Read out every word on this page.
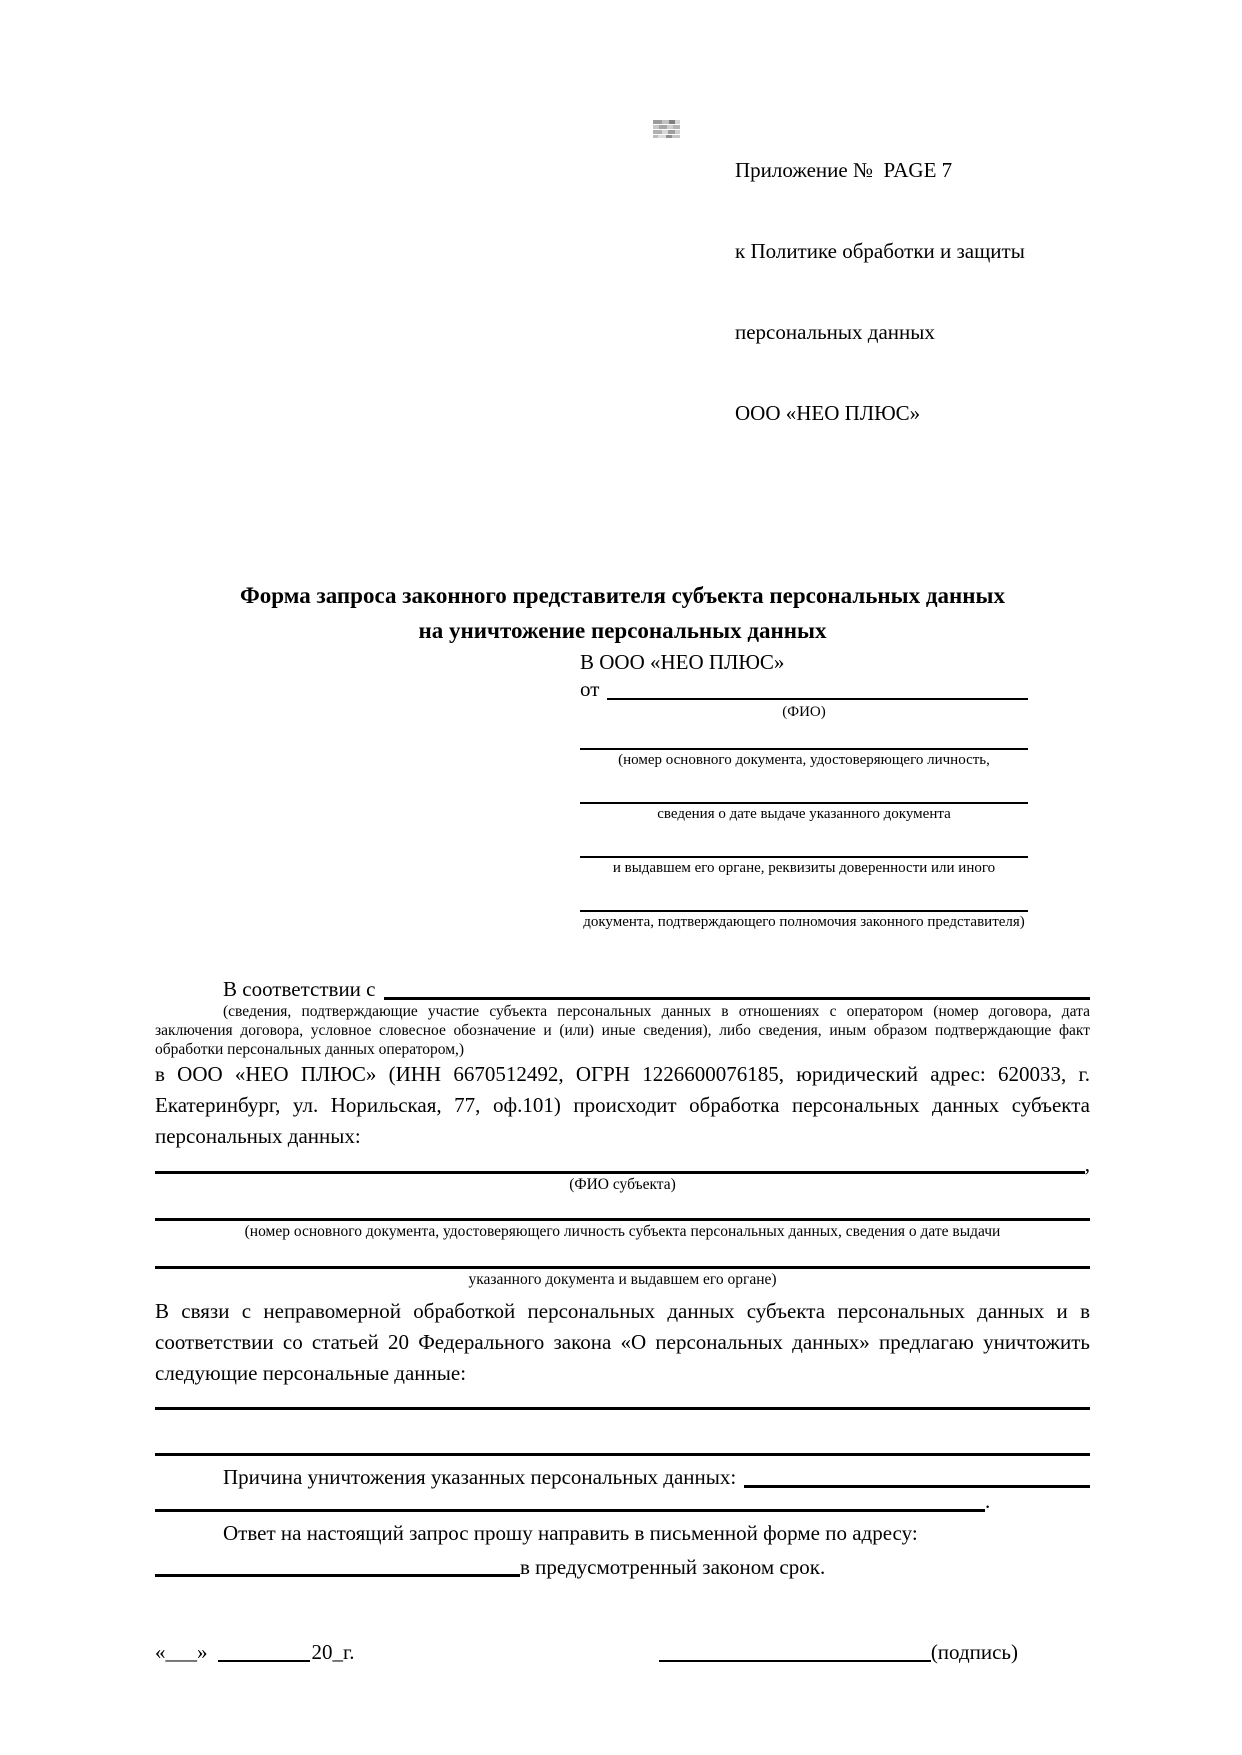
Приложение №  PAGE 7

к Политике обработки и защиты

персональных данных

ООО «НЕО ПЛЮС»

Форма запроса законного представителя субъекта персональных данных
на уничтожение персональных данных
В ООО «НЕО ПЛЮС»
от
(ФИО)
(номер основного документа, удостоверяющего личность,
сведения о дате выдаче указанного документа
и выдавшем его органе, реквизиты доверенности или иного
документа, подтверждающего полномочия законного представителя)
В соответствии с
(сведения, подтверждающие участие субъекта персональных данных в отношениях с оператором (номер договора, дата заключения договора, условное словесное обозначение и (или) иные сведения), либо сведения, иным образом подтверждающие факт обработки персональных данных оператором,)
в ООО «НЕО ПЛЮС» (ИНН 6670512492, ОГРН 1226600076185, юридический адрес: 620033, г. Екатеринбург, ул. Норильская, 77, оф.101) происходит обработка персональных данных субъекта персональных данных:
,
(ФИО субъекта)
(номер основного документа, удостоверяющего личность субъекта персональных данных, сведения о дате выдачи
указанного документа и выдавшем его органе)
В связи с неправомерной обработкой персональных данных субъекта персональных данных и в соответствии со статьей 20 Федерального закона «О персональных данных» предлагаю уничтожить следующие персональные данные:
Причина уничтожения указанных персональных данных:
.
Ответ на настоящий запрос прошу направить в письменной форме по адресу:
в предусмотренный законом срок.
«___»	20_г.	(подпись)
